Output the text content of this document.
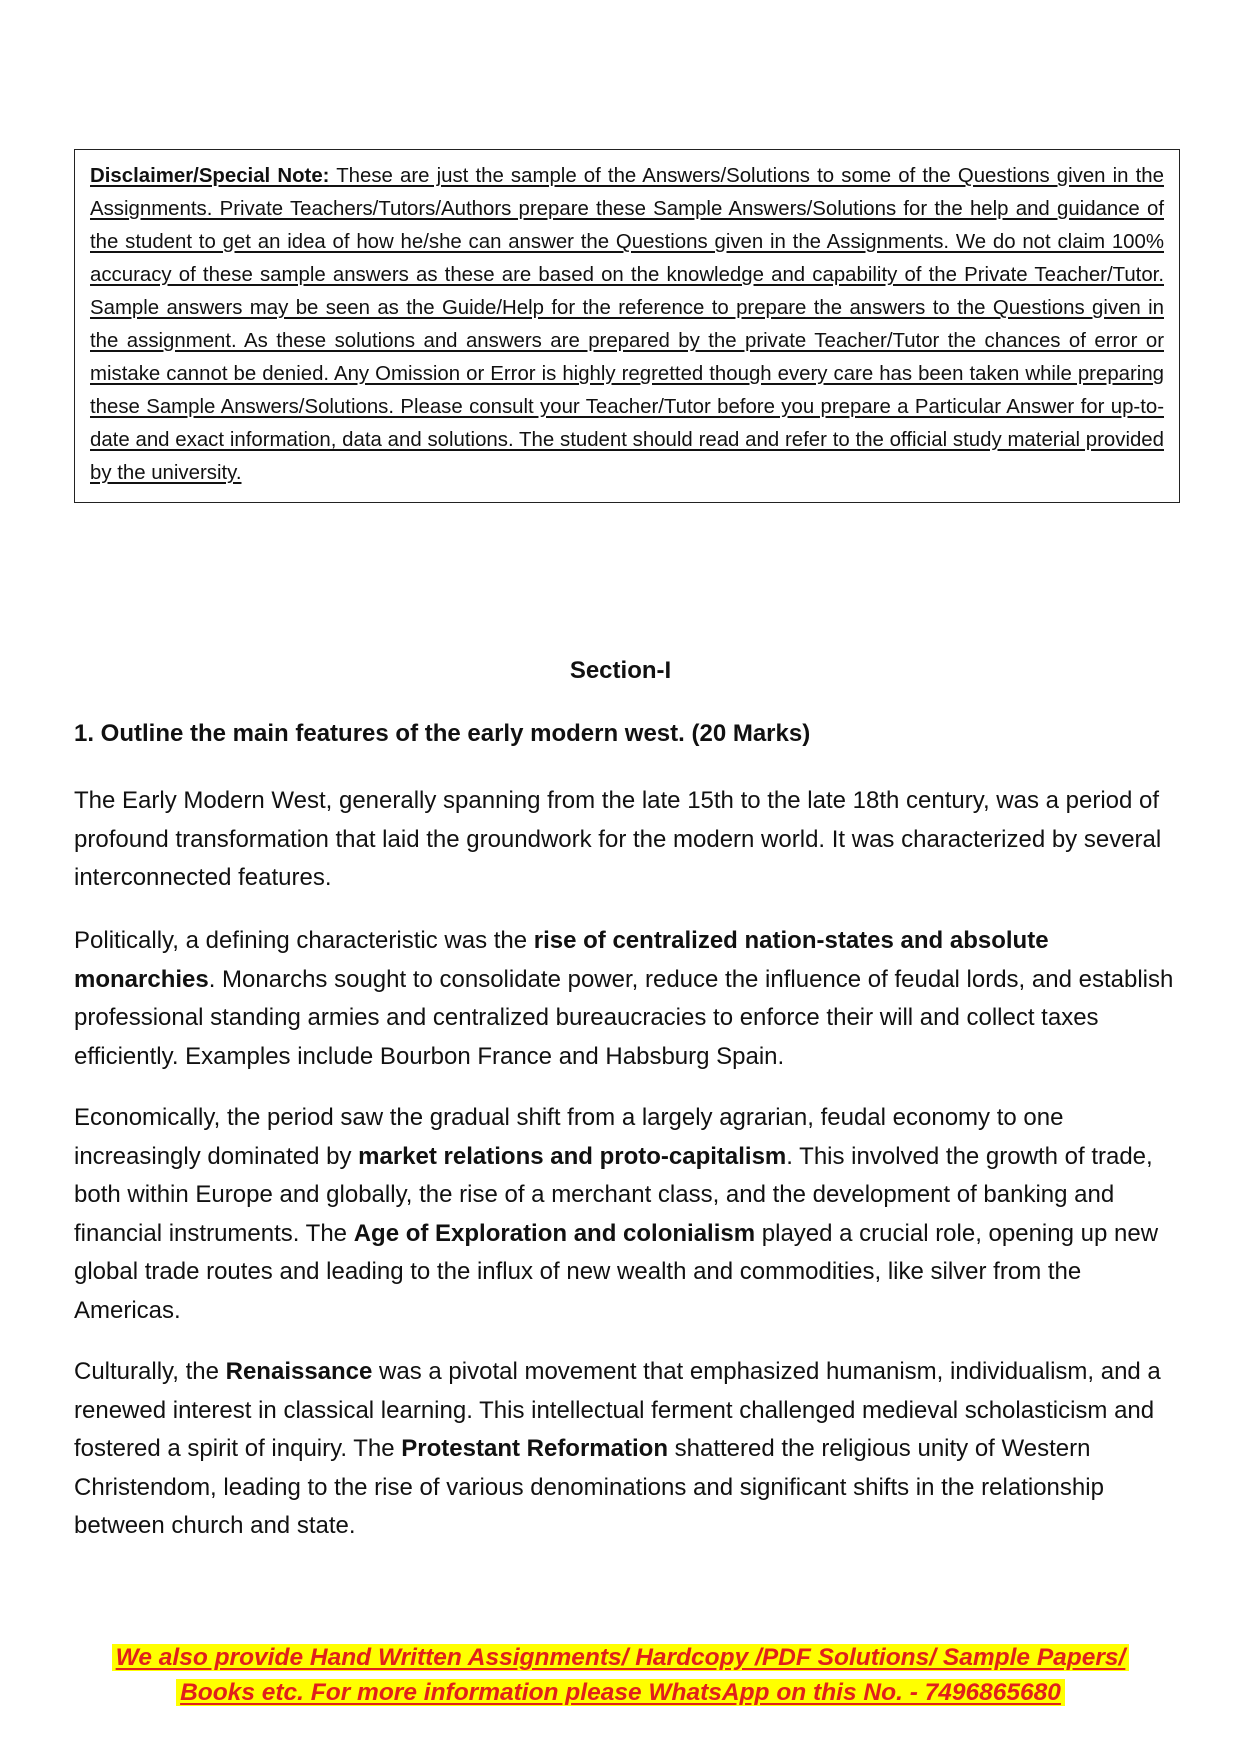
Disclaimer/Special Note: These are just the sample of the Answers/Solutions to some of the Questions given in the Assignments. Private Teachers/Tutors/Authors prepare these Sample Answers/Solutions for the help and guidance of the student to get an idea of how he/she can answer the Questions given in the Assignments. We do not claim 100% accuracy of these sample answers as these are based on the knowledge and capability of the Private Teacher/Tutor. Sample answers may be seen as the Guide/Help for the reference to prepare the answers to the Questions given in the assignment. As these solutions and answers are prepared by the private Teacher/Tutor the chances of error or mistake cannot be denied. Any Omission or Error is highly regretted though every care has been taken while preparing these Sample Answers/Solutions. Please consult your Teacher/Tutor before you prepare a Particular Answer for up-to-date and exact information, data and solutions. The student should read and refer to the official study material provided by the university.
Section-I
1. Outline the main features of the early modern west. (20 Marks)

The Early Modern West, generally spanning from the late 15th to the late 18th century, was a period of profound transformation that laid the groundwork for the modern world. It was characterized by several interconnected features.

Politically, a defining characteristic was the rise of centralized nation-states and absolute monarchies. Monarchs sought to consolidate power, reduce the influence of feudal lords, and establish professional standing armies and centralized bureaucracies to enforce their will and collect taxes efficiently. Examples include Bourbon France and Habsburg Spain.

Economically, the period saw the gradual shift from a largely agrarian, feudal economy to one increasingly dominated by market relations and proto-capitalism. This involved the growth of trade, both within Europe and globally, the rise of a merchant class, and the development of banking and financial instruments. The Age of Exploration and colonialism played a crucial role, opening up new global trade routes and leading to the influx of new wealth and commodities, like silver from the Americas.

Culturally, the Renaissance was a pivotal movement that emphasized humanism, individualism, and a renewed interest in classical learning. This intellectual ferment challenged medieval scholasticism and fostered a spirit of inquiry. The Protestant Reformation shattered the religious unity of Western Christendom, leading to the rise of various denominations and significant shifts in the relationship between church and state.

We also provide Hand Written Assignments/ Hardcopy /PDF Solutions/ Sample Papers/
Books etc. For more information please WhatsApp on this No. - 7496865680
